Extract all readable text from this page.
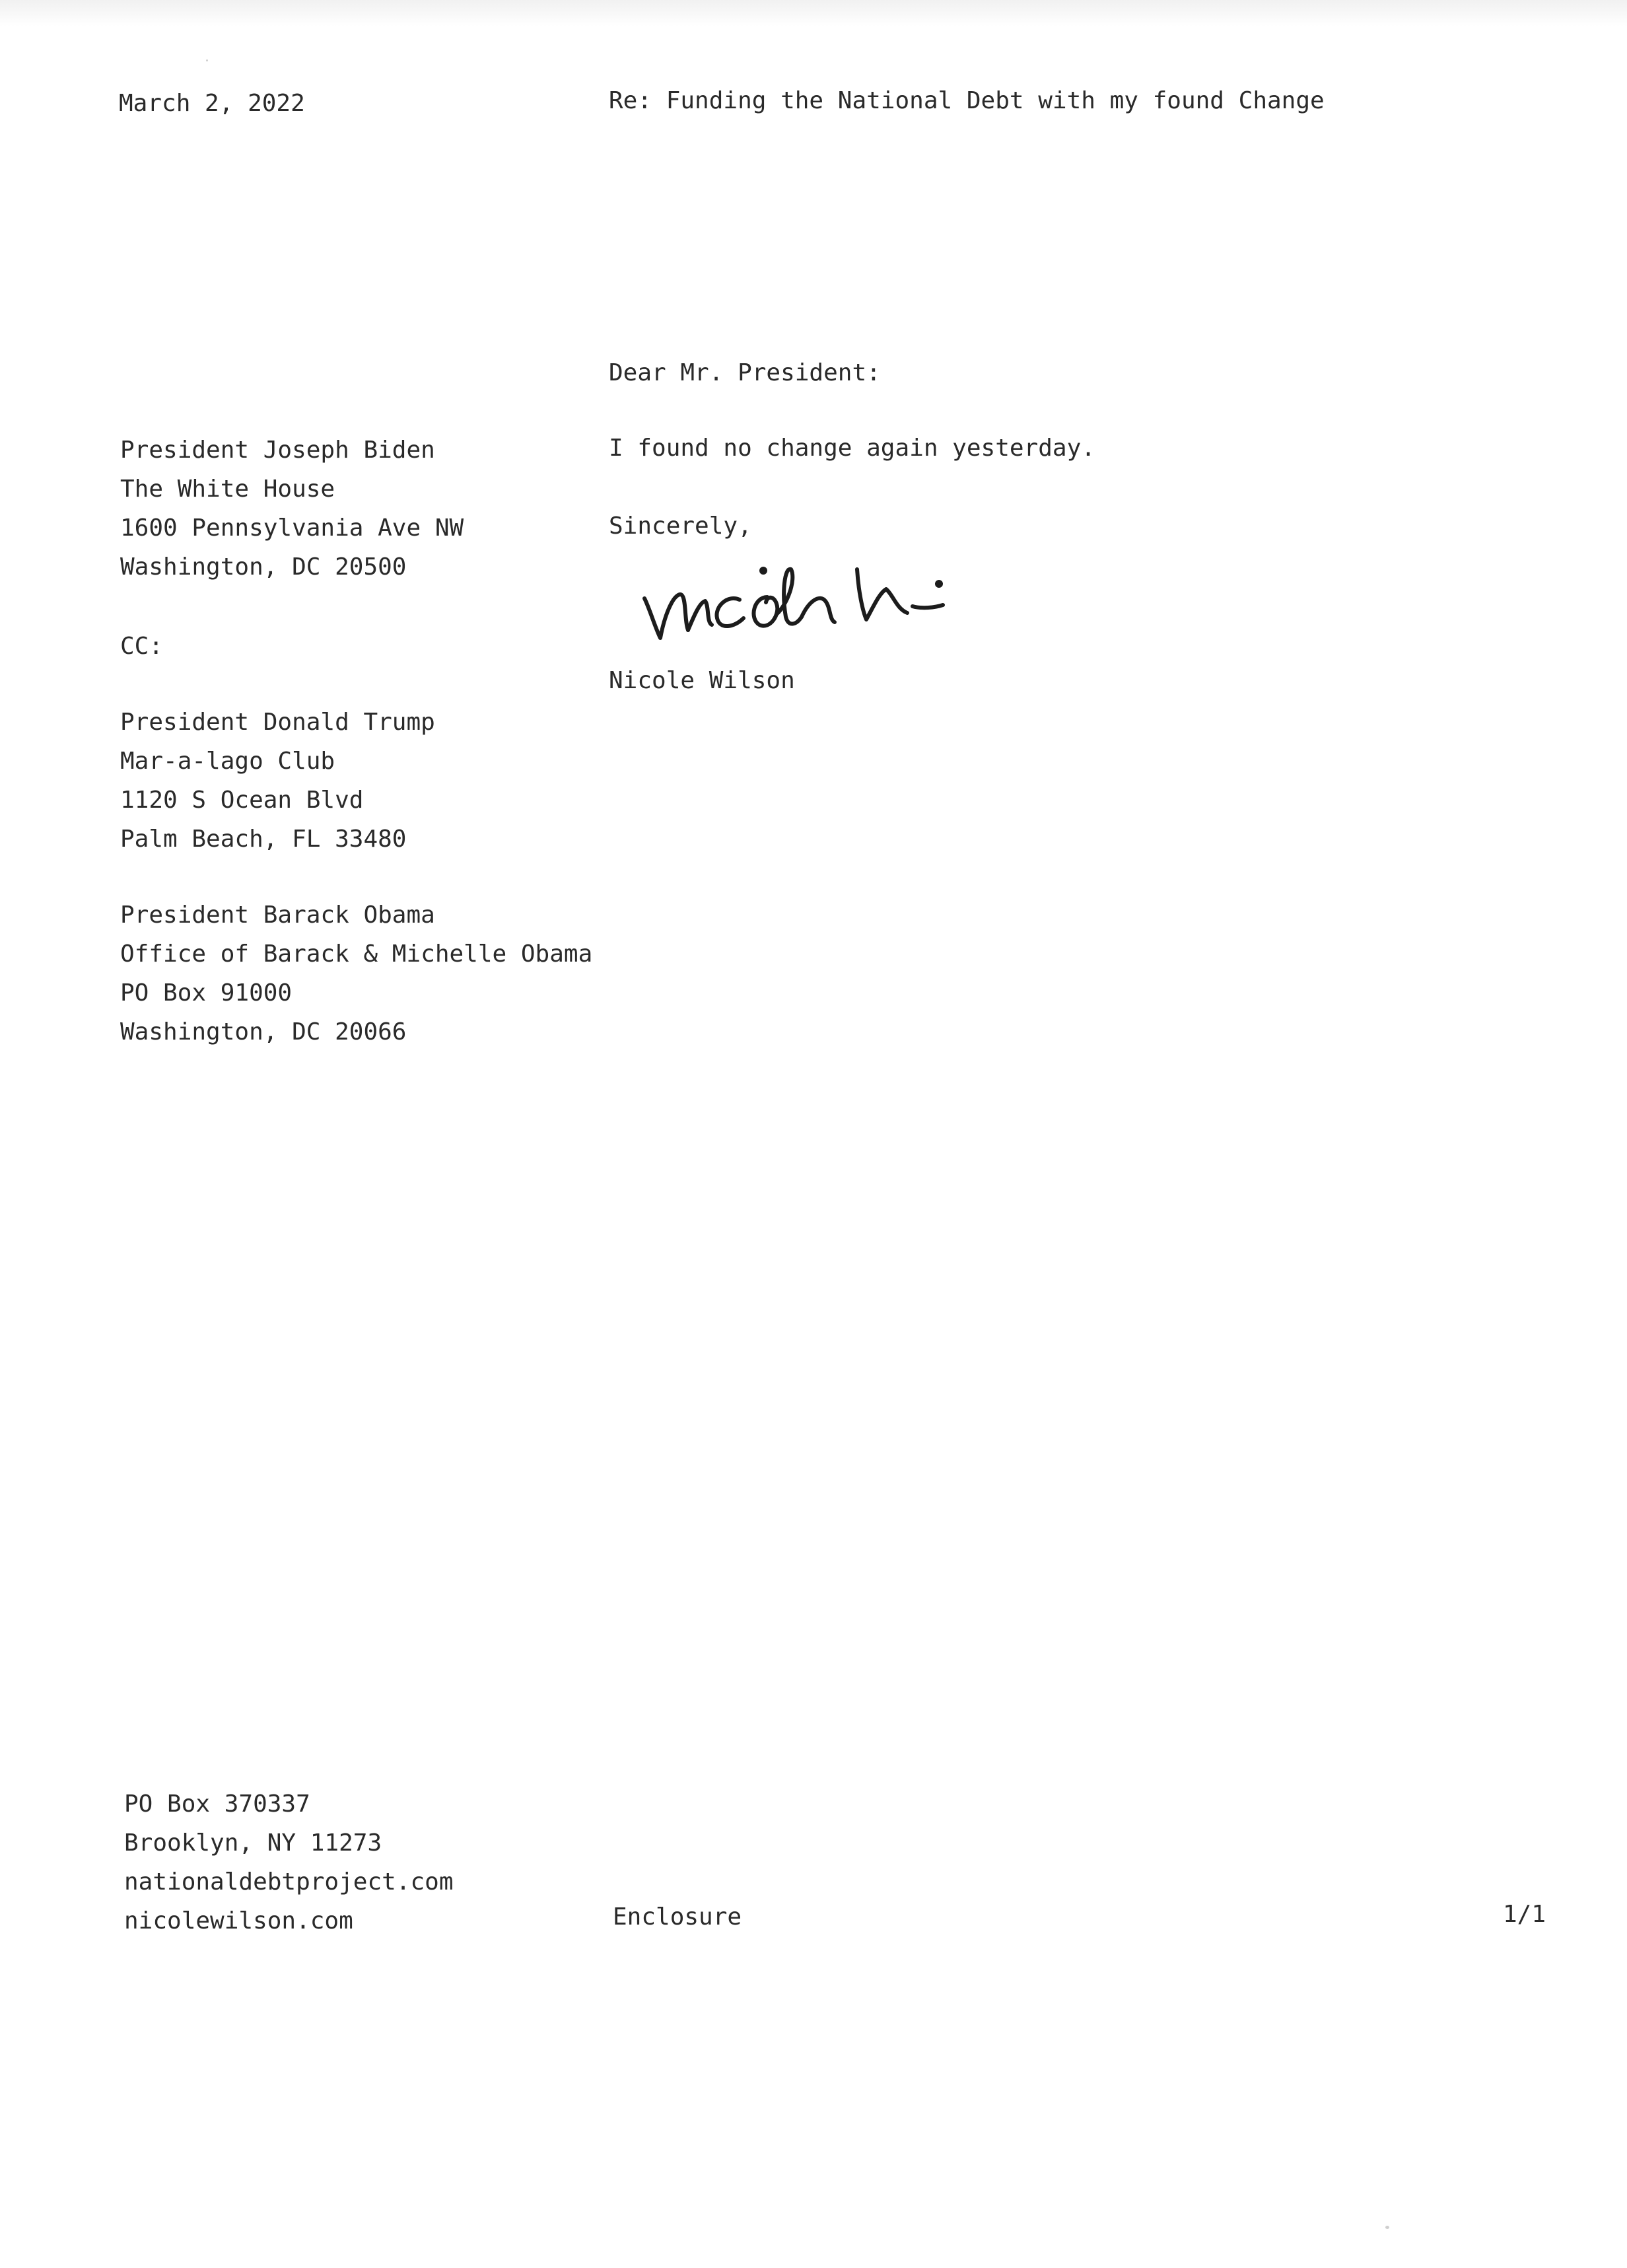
March 2, 2022	Re: Funding the National Debt with my found Change
Dear Mr. President:
President Joseph Biden
The White House
1600 Pennsylvania Ave NW
Washington, DC 20500
I found no change again yesterday.
Sincerely,
nicole wi
Nicole Wilson
CC:
President Donald Trump
Mar-a-lago Club
1120 S Ocean Blvd
Palm Beach, FL 33480
President Barack Obama
Office of Barack & Michelle Obama
PO Box 91000
Washington, DC 20066
PO Box 370337
Brooklyn, NY 11273
nationaldebtproject.com
nicolewilson.com	Enclosure	1/1
